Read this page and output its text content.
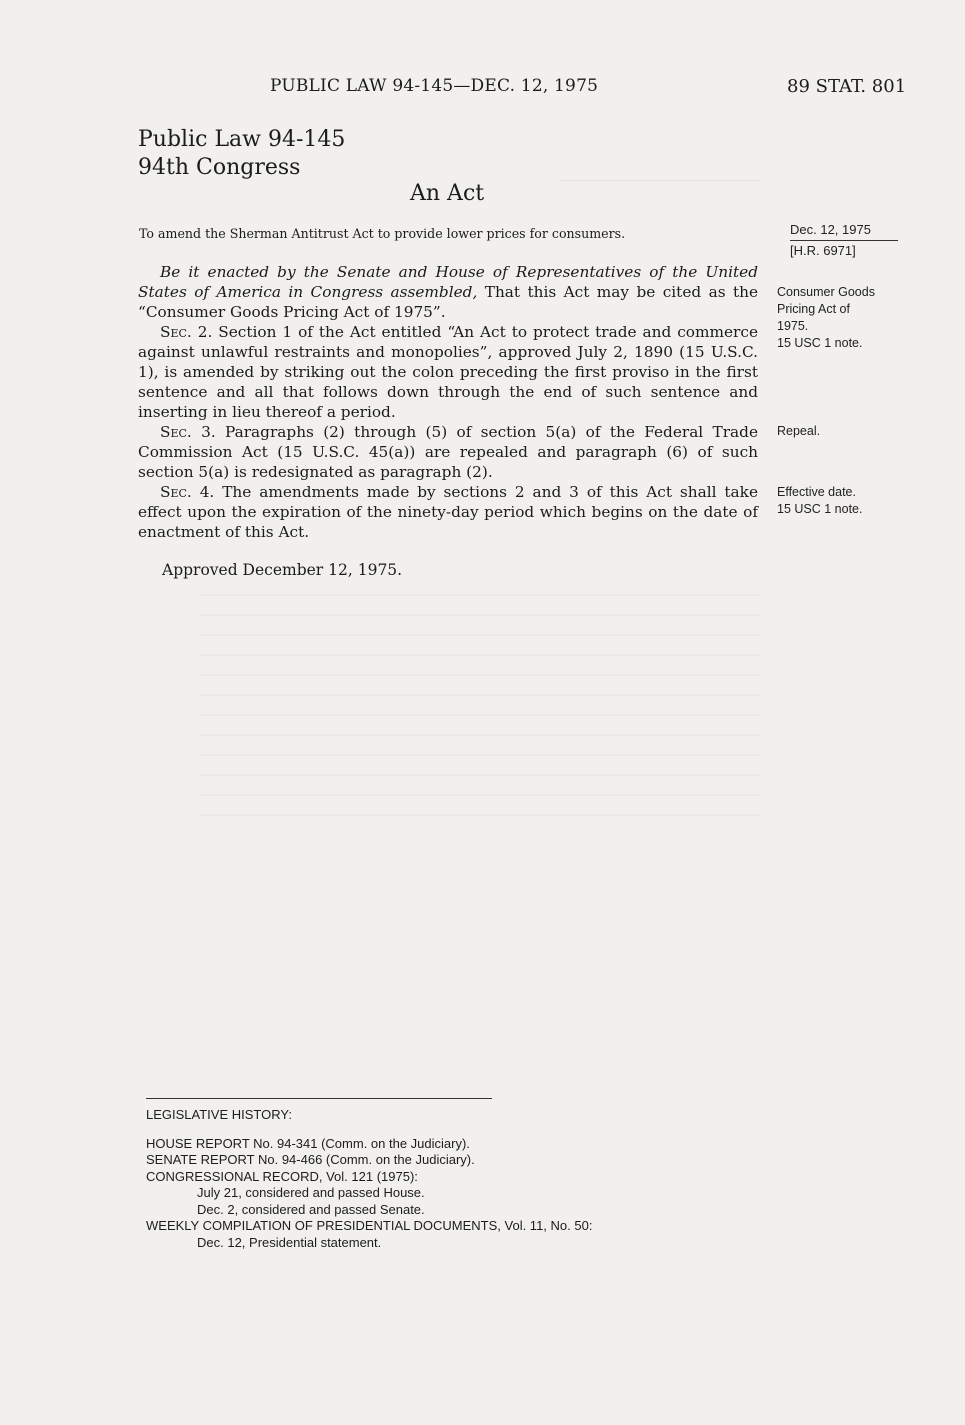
PUBLIC LAW 94-145—DEC. 12, 1975	89 STAT. 801
Public Law 94-145
94th Congress
An Act
To amend the Sherman Antitrust Act to provide lower prices for consumers.	Dec. 12, 1975
[H.R. 6971]

Be it enacted by the Senate and House of Representatives of the United States of America in Congress assembled, That this Act may be cited as the “Consumer Goods Pricing Act of 1975”.

Sec. 2. Section 1 of the Act entitled “An Act to protect trade and commerce against unlawful restraints and monopolies”, approved July 2, 1890 (15 U.S.C. 1), is amended by striking out the colon preceding the first proviso in the first sentence and all that follows down through the end of such sentence and inserting in lieu thereof a period.

Sec. 3. Paragraphs (2) through (5) of section 5(a) of the Federal Trade Commission Act (15 U.S.C. 45(a)) are repealed and paragraph (6) of such section 5(a) is redesignated as paragraph (2).

Sec. 4. The amendments made by sections 2 and 3 of this Act shall take effect upon the expiration of the ninety-day period which begins on the date of enactment of this Act.

Consumer Goods
Pricing Act of
1975.
15 USC 1 note.
Repeal.
Effective date.
15 USC 1 note.
Approved December 12, 1975.
LEGISLATIVE HISTORY:
HOUSE REPORT No. 94-341 (Comm. on the Judiciary).
SENATE REPORT No. 94-466 (Comm. on the Judiciary).
CONGRESSIONAL RECORD, Vol. 121 (1975):
July 21, considered and passed House.
Dec. 2, considered and passed Senate.
WEEKLY COMPILATION OF PRESIDENTIAL DOCUMENTS, Vol. 11, No. 50:
Dec. 12, Presidential statement.
